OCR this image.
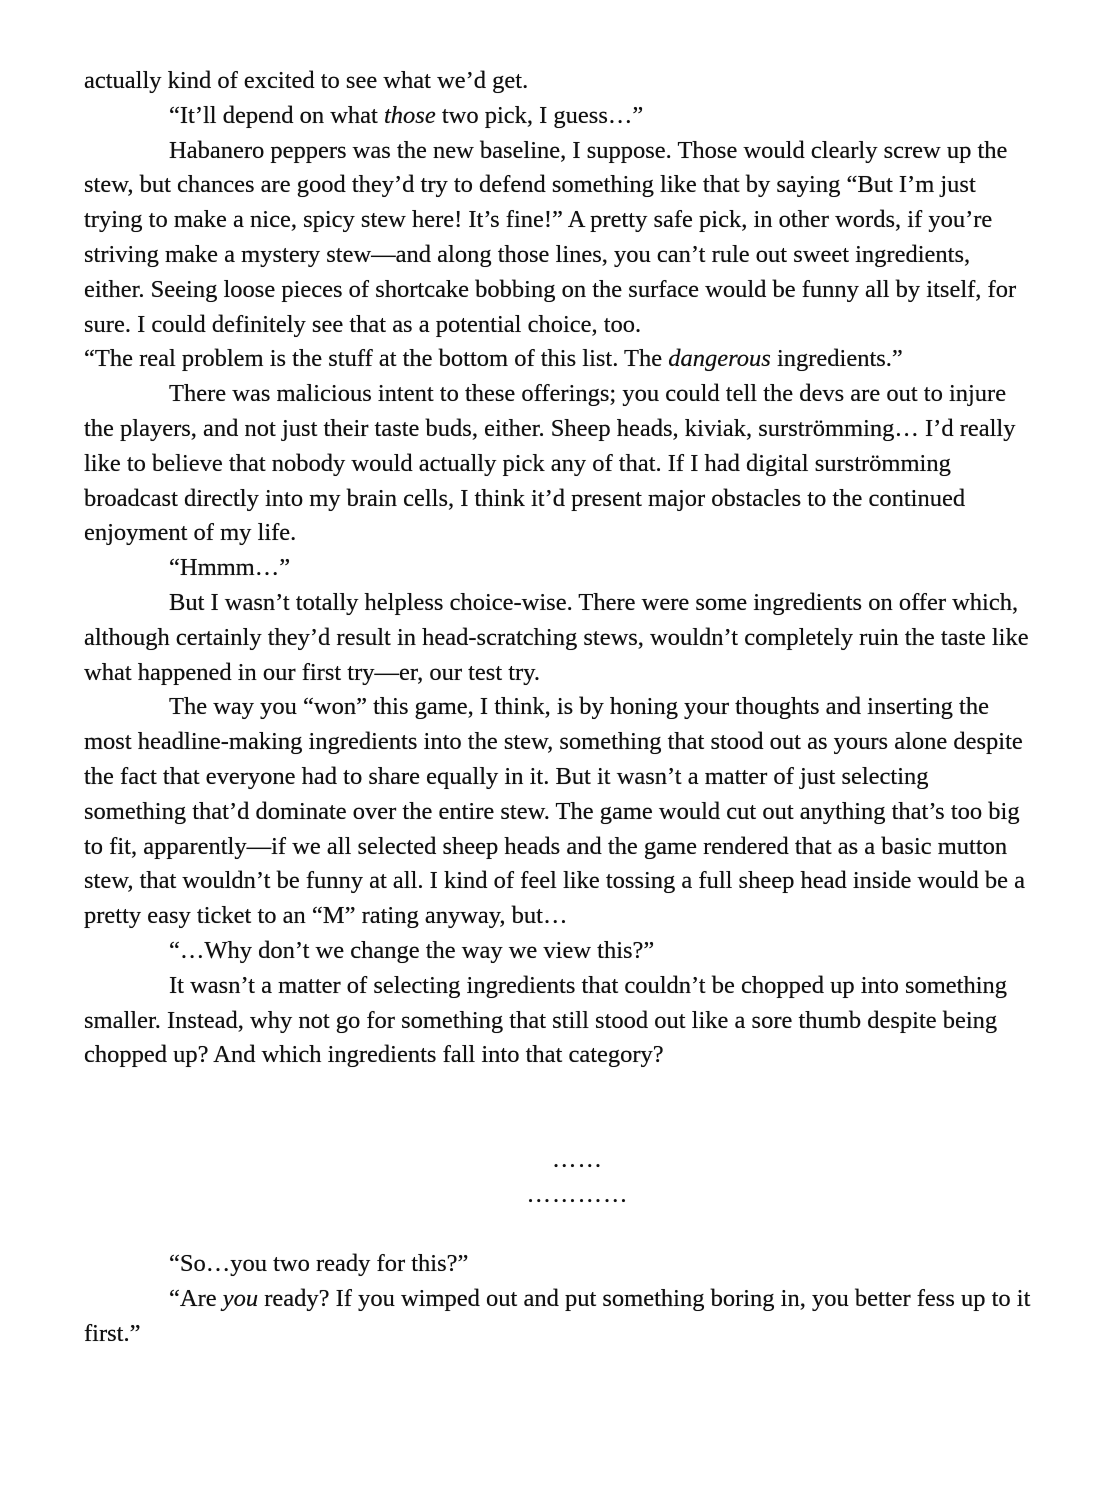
actually kind of excited to see what we’d get.

“It’ll depend on what those two pick, I guess…”

Habanero peppers was the new baseline, I suppose. Those would clearly screw up the stew, but chances are good they’d try to defend something like that by saying “But I’m just trying to make a nice, spicy stew here! It’s fine!” A pretty safe pick, in other words, if you’re striving make a mystery stew—and along those lines, you can’t rule out sweet ingredients, either. Seeing loose pieces of shortcake bobbing on the surface would be funny all by itself, for sure. I could definitely see that as a potential choice, too.

“The real problem is the stuff at the bottom of this list. The dangerous ingredients.”

There was malicious intent to these offerings; you could tell the devs are out to injure the players, and not just their taste buds, either. Sheep heads, kiviak, surströmming… I’d really like to believe that nobody would actually pick any of that. If I had digital surströmming broadcast directly into my brain cells, I think it’d present major obstacles to the continued enjoyment of my life.

“Hmmm…”

But I wasn’t totally helpless choice-wise. There were some ingredients on offer which, although certainly they’d result in head-scratching stews, wouldn’t completely ruin the taste like what happened in our first try—er, our test try.

The way you “won” this game, I think, is by honing your thoughts and inserting the most headline-making ingredients into the stew, something that stood out as yours alone despite the fact that everyone had to share equally in it. But it wasn’t a matter of just selecting something that’d dominate over the entire stew. The game would cut out anything that’s too big to fit, apparently—if we all selected sheep heads and the game rendered that as a basic mutton stew, that wouldn’t be funny at all. I kind of feel like tossing a full sheep head inside would be a pretty easy ticket to an “M” rating anyway, but…

“…Why don’t we change the way we view this?”

It wasn’t a matter of selecting ingredients that couldn’t be chopped up into something smaller. Instead, why not go for something that still stood out like a sore thumb despite being chopped up? And which ingredients fall into that category?

……

…………

“So…you two ready for this?”

“Are you ready? If you wimped out and put something boring in, you better fess up to it first.”
